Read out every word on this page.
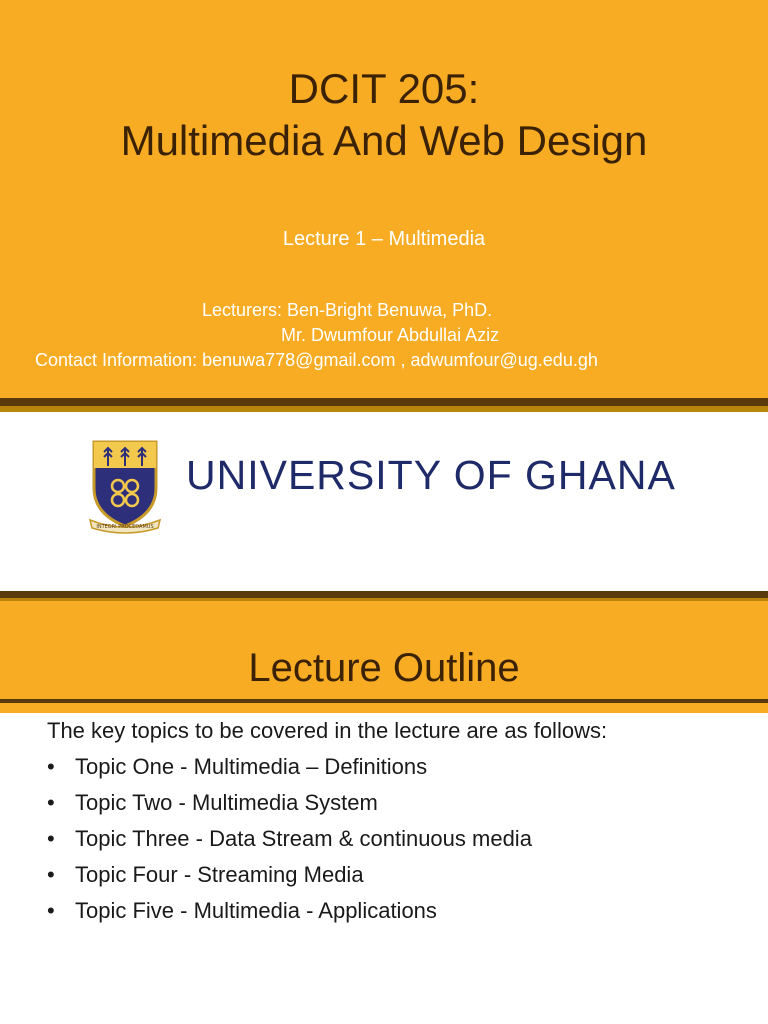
DCIT 205:
Multimedia And Web Design
Lecture 1 – Multimedia
Lecturers: Ben-Bright Benuwa, PhD.
Mr. Dwumfour Abdullai Aziz
Contact Information: benuwa778@gmail.com , adwumfour@ug.edu.gh
INTEGRI PROCEDAMUS
UNIVERSITY OF GHANA
Lecture Outline

The key topics to be covered in the lecture are as follows:

• Topic One - Multimedia – Definitions
• Topic Two - Multimedia System
• Topic Three - Data Stream & continuous media
• Topic Four - Streaming Media
• Topic Five - Multimedia - Applications
